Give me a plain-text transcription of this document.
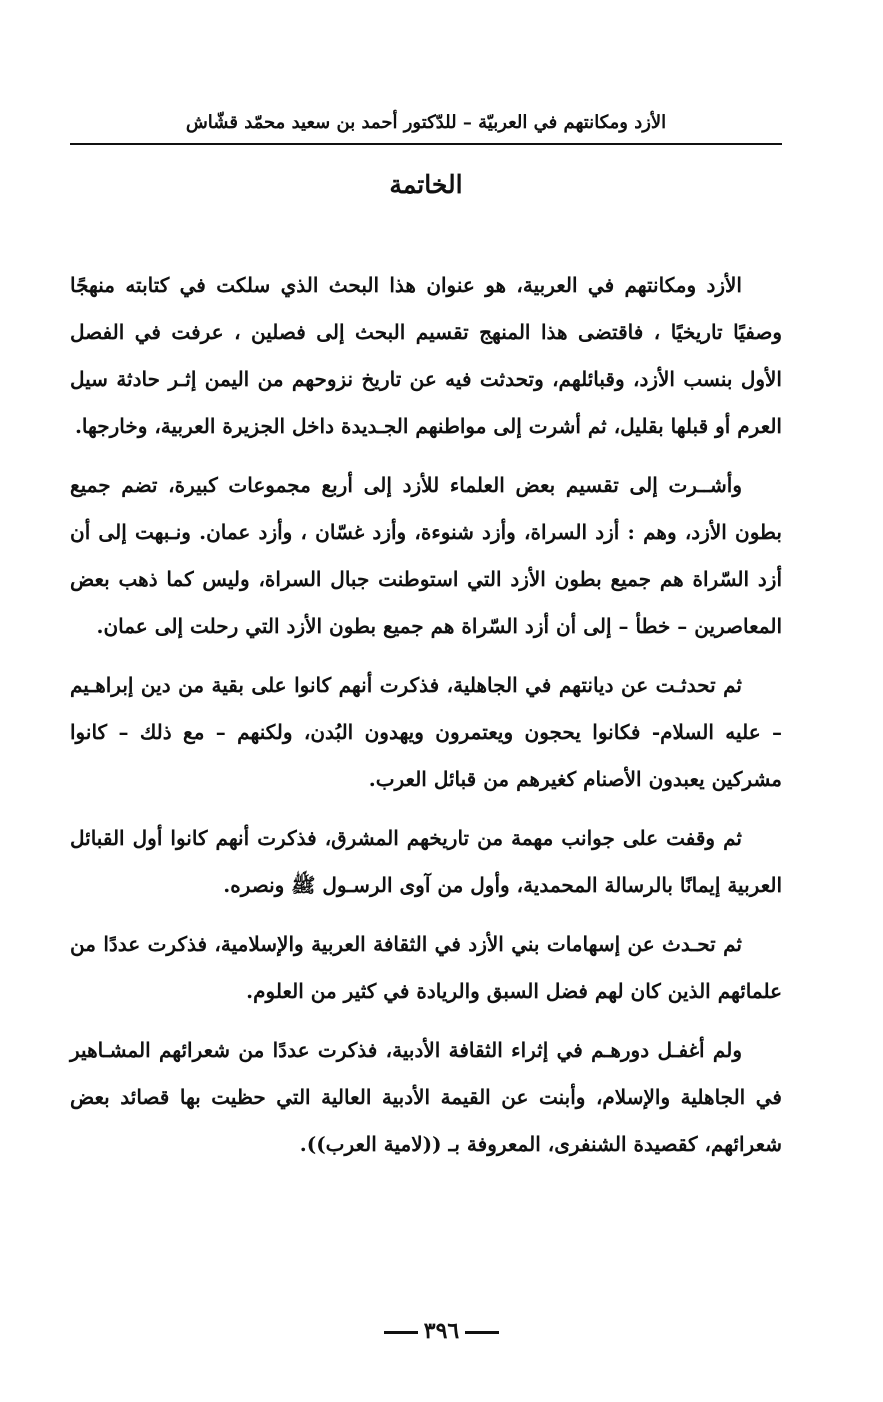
الأزد ومكانتهم في العربيّة – للدّكتور أحمد بن سعيد محمّد قشّاش
الخاتمة

الأزد ومكانتهم في العربية، هو عنوان هذا البحث الذي سلكت في كتابته منهجًا وصفيًا تاريخيًا ، فاقتضى هذا المنهج تقسيم البحث إلى فصلين ، عرفت في الفصل الأول بنسب الأزد، وقبائلهم، وتحدثت فيه عن تاريخ نزوحهم من اليمن إثـر حادثة سيل العرم أو قبلها بقليل، ثم أشرت إلى مواطنهم الجـديدة داخل الجزيرة العربية، وخارجها.

وأشــرت إلى تقسيم بعض العلماء للأزد إلى أربع مجموعات كبيرة، تضم جميع بطون الأزد، وهم : أزد السراة، وأزد شنوءة، وأزد غسّان ، وأزد عمان. ونـبهت إلى أن أزد السّراة هم جميع بطون الأزد التي استوطنت جبال السراة، وليس كما ذهب بعض المعاصرين – خطأ – إلى أن أزد السّراة هم جميع بطون الأزد التي رحلت إلى عمان.

ثم تحدثـت عن ديانتهم في الجاهلية، فذكرت أنهم كانوا على بقية من دين إبراهـيم – عليه السلام- فكانوا يحجون ويعتمرون ويهدون البُدن، ولكنهم – مع ذلك – كانوا مشركين يعبدون الأصنام كغيرهم من قبائل العرب.

ثم وقفت على جوانب مهمة من تاريخهم المشرق، فذكرت أنهم كانوا أول القبائل العربية إيمانًا بالرسالة المحمدية، وأول من آوى الرسـول ﷺ ونصره.

ثم تحـدث عن إسهامات بني الأزد في الثقافة العربية والإسلامية، فذكرت عددًا من علمائهم الذين كان لهم فضل السبق والريادة في كثير من العلوم.

ولم أغفـل دورهـم في إثراء الثقافة الأدبية، فذكرت عددًا من شعرائهم المشـاهير في الجاهلية والإسلام، وأبنت عن القيمة الأدبية العالية التي حظيت بها قصائد بعض شعرائهم، كقصيدة الشنفرى، المعروفة بـ ((لامية العرب)).

٣٩٦
